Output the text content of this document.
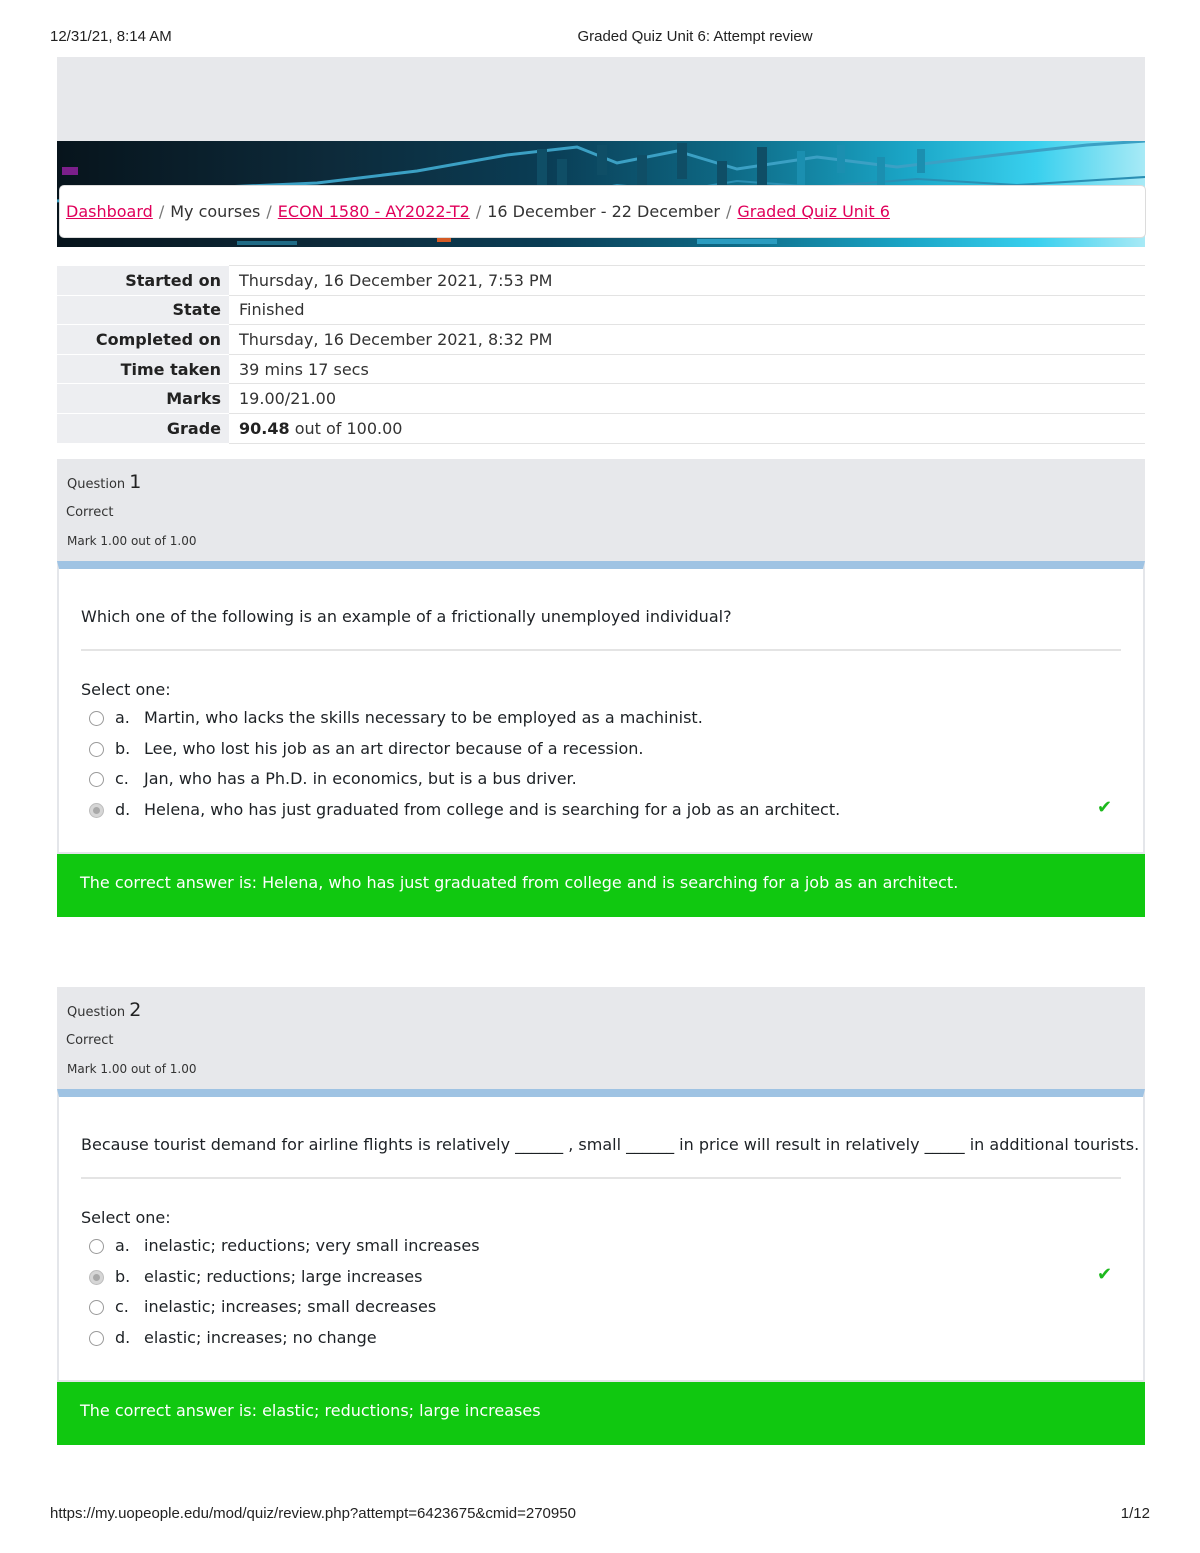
12/31/21, 8:14 AM	Graded Quiz Unit 6: Attempt review
Dashboard / My courses / ECON 1580 - AY2022-T2 / 16 December - 22 December / Graded Quiz Unit 6
Started on	Thursday, 16 December 2021, 7:53 PM
State	Finished
Completed on	Thursday, 16 December 2021, 8:32 PM
Time taken	39 mins 17 secs
Marks	19.00/21.00
Grade	90.48 out of 100.00
Question 1
Correct
Mark 1.00 out of 1.00
Which one of the following is an example of a frictionally unemployed individual?
Select one:
a. Martin, who lacks the skills necessary to be employed as a machinist.
b. Lee, who lost his job as an art director because of a recession.
c. Jan, who has a Ph.D. in economics, but is a bus driver.
d. Helena, who has just graduated from college and is searching for a job as an architect.	✔
The correct answer is: Helena, who has just graduated from college and is searching for a job as an architect.
Question 2
Correct
Mark 1.00 out of 1.00
Because tourist demand for airline flights is relatively ______ , small ______ in price will result in relatively _____ in additional tourists.
Select one:
a. inelastic; reductions; very small increases
b. elastic; reductions; large increases	✔
c. inelastic; increases; small decreases
d. elastic; increases; no change
The correct answer is: elastic; reductions; large increases
https://my.uopeople.edu/mod/quiz/review.php?attempt=6423675&cmid=270950	1/12
